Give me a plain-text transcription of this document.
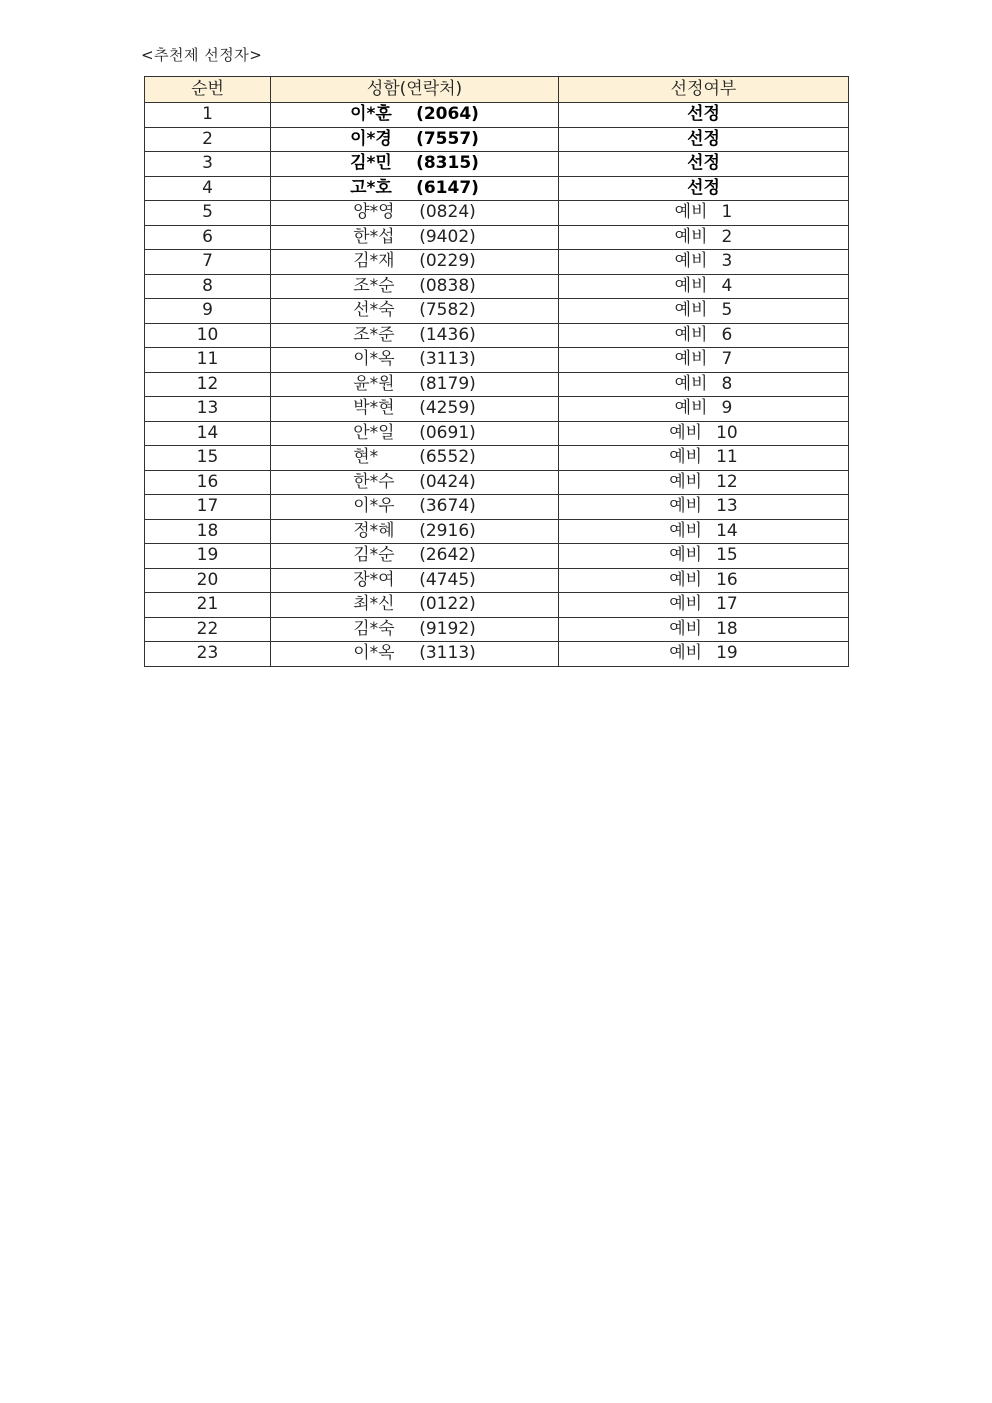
<추천제 선정자>
순번	성함(연락처)	선정여부
1	이*훈 (2064)	선정
2	이*경 (7557)	선정
3	김*민 (8315)	선정
4	고*호 (6147)	선정
5	양*영 (0824)	예비 1
6	한*섭 (9402)	예비 2
7	김*재 (0229)	예비 3
8	조*순 (0838)	예비 4
9	선*숙 (7582)	예비 5
10	조*준 (1436)	예비 6
11	이*옥 (3113)	예비 7
12	윤*원 (8179)	예비 8
13	박*현 (4259)	예비 9
14	안*일 (0691)	예비 10
15	현* (6552)	예비 11
16	한*수 (0424)	예비 12
17	이*우 (3674)	예비 13
18	정*혜 (2916)	예비 14
19	김*순 (2642)	예비 15
20	장*여 (4745)	예비 16
21	최*신 (0122)	예비 17
22	김*숙 (9192)	예비 18
23	이*옥 (3113)	예비 19
